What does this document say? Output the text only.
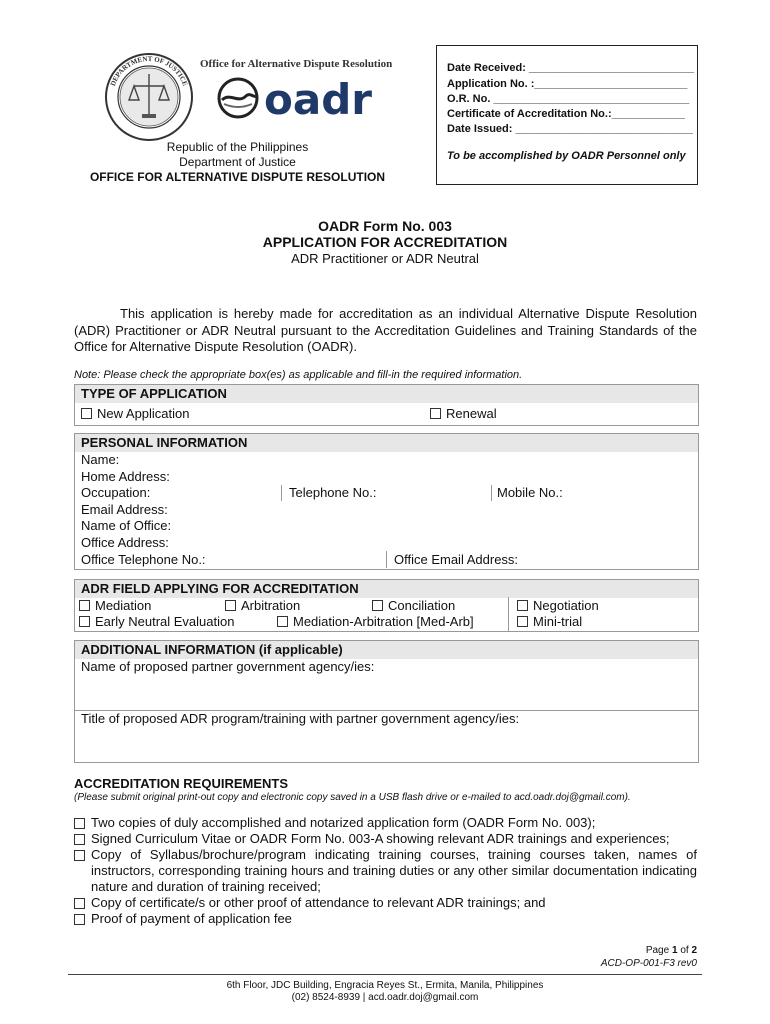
DEPARTMENT OF JUSTICE
Office for Alternative Dispute Resolution
oadr
Republic of the Philippines
Department of Justice
OFFICE FOR ALTERNATIVE DISPUTE RESOLUTION
Date Received: ___________________________
Application No. :_________________________
O.R. No. ________________________________
Certificate of Accreditation No.:____________
Date Issued: _____________________________
To be accomplished by OADR Personnel only
OADR Form No. 003
APPLICATION FOR ACCREDITATION
ADR Practitioner or ADR Neutral

This application is hereby made for accreditation as an individual Alternative Dispute Resolution (ADR) Practitioner or ADR Neutral pursuant to the Accreditation Guidelines and Training Standards of the Office for Alternative Dispute Resolution (OADR).

Note: Please check the appropriate box(es) as applicable and fill-in the required information.
TYPE OF APPLICATION
New Application	Renewal
PERSONAL INFORMATION
Name:
Home Address:
Occupation:	Telephone No.:	Mobile No.:
Email Address:
Name of Office:
Office Address:
Office Telephone No.:	Office Email Address:
ADR FIELD APPLYING FOR ACCREDITATION
Mediation	Arbitration	Conciliation	Negotiation
Early Neutral Evaluation	Mediation-Arbitration [Med-Arb]	Mini-trial
ADDITIONAL INFORMATION (if applicable)
Name of proposed partner government agency/ies:
Title of proposed ADR program/training with partner government agency/ies:
ACCREDITATION REQUIREMENTS
(Please submit original print-out copy and electronic copy saved in a USB flash drive or e-mailed to acd.oadr.doj@gmail.com).
Two copies of duly accomplished and notarized application form (OADR Form No. 003);
Signed Curriculum Vitae or OADR Form No. 003-A showing relevant ADR trainings and experiences;
Copy of Syllabus/brochure/program indicating training courses, training courses taken, names of instructors, corresponding training hours and training duties or any other similar documentation indicating nature and duration of training received;
Copy of certificate/s or other proof of attendance to relevant ADR trainings; and
Proof of payment of application fee
Page 1 of 2
ACD-OP-001-F3 rev0
6th Floor, JDC Building, Engracia Reyes St., Ermita, Manila, Philippines
(02) 8524-8939 | acd.oadr.doj@gmail.com
